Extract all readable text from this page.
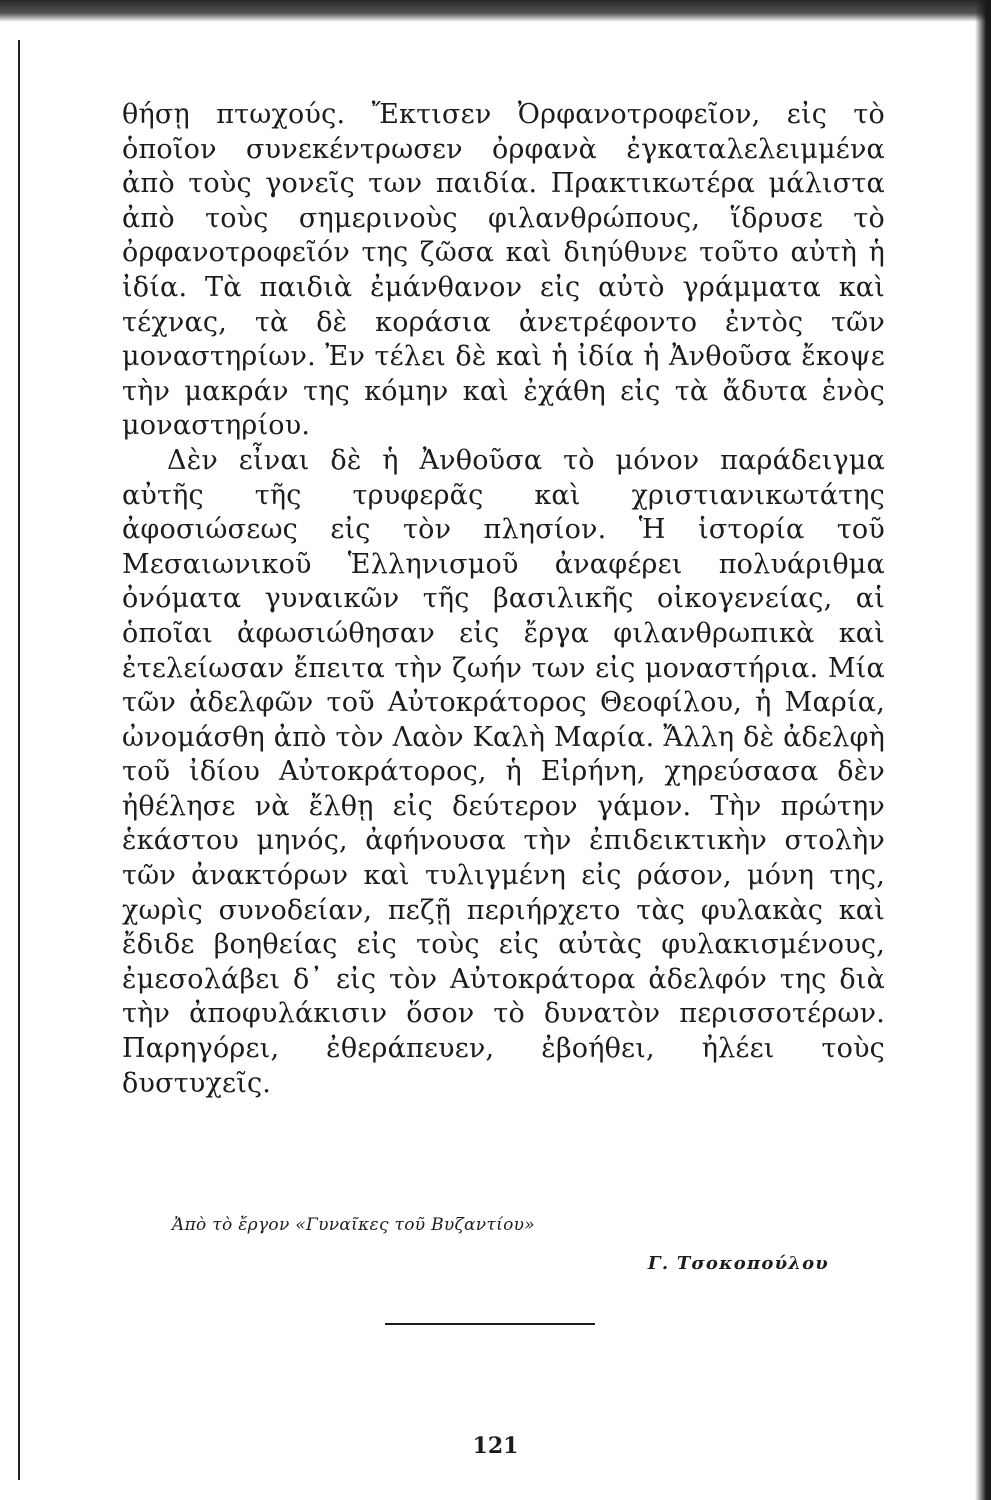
θήσῃ πτωχούς. Ἔκτισεν Ὀρφανοτροφεῖον, εἰς τὸ ὁποῖον συνεκέντρωσεν ὀρφανὰ ἐγκαταλελειμμένα ἀπὸ τοὺς γονεῖς των παιδία. Πρακτικωτέρα μάλιστα ἀπὸ τοὺς σημερινοὺς φιλανθρώπους, ἵδρυσε τὸ ὀρφανοτροφεῖόν της ζῶσα καὶ διηύθυνε τοῦτο αὐτὴ ἡ ἰδία. Τὰ παιδιὰ ἐμάνθανον εἰς αὐτὸ γράμματα καὶ τέχνας, τὰ δὲ κοράσια ἀνετρέφοντο ἐντὸς τῶν μοναστηρίων. Ἐν τέλει δὲ καὶ ἡ ἰδία ἡ Ἀνθοῦσα ἔκοψε τὴν μακράν της κόμην καὶ ἐχάθη εἰς τὰ ἄδυτα ἑνὸς μοναστηρίου.

Δὲν εἶναι δὲ ἡ Ἀνθοῦσα τὸ μόνον παράδειγμα αὐτῆς τῆς τρυφερᾶς καὶ χριστιανικωτάτης ἀφοσιώσεως εἰς τὸν πλησίον. Ἡ ἱστορία τοῦ Μεσαιωνικοῦ Ἑλληνισμοῦ ἀναφέρει πολυάριθμα ὀνόματα γυναικῶν τῆς βασιλικῆς οἰκογενείας, αἱ ὁποῖαι ἀφωσιώθησαν εἰς ἔργα φιλανθρωπικὰ καὶ ἐτελείωσαν ἔπειτα τὴν ζωήν των εἰς μοναστήρια. Μία τῶν ἀδελφῶν τοῦ Αὐτοκράτορος Θεοφίλου, ἡ Μαρία, ὠνομάσθη ἀπὸ τὸν Λαὸν Καλὴ Μαρία. Ἄλλη δὲ ἀδελφὴ τοῦ ἰδίου Αὐτοκράτορος, ἡ Εἰρήνη, χηρεύσασα δὲν ἠθέλησε νὰ ἔλθῃ εἰς δεύτερον γάμον. Τὴν πρώτην ἑκάστου μηνός, ἀφήνουσα τὴν ἐπιδεικτικὴν στολὴν τῶν ἀνακτόρων καὶ τυλιγμένη εἰς ράσον, μόνη της, χωρὶς συνοδείαν, πεζῇ περιήρχετο τὰς φυλακὰς καὶ ἔδιδε βοηθείας εἰς τοὺς εἰς αὐτὰς φυλακισμένους, ἐμεσολάβει δ᾽ εἰς τὸν Αὐτοκράτορα ἀδελφόν της διὰ τὴν ἀποφυλάκισιν ὅσον τὸ δυνατὸν περισσοτέρων. Παρηγόρει, ἐθεράπευεν, ἐβοήθει, ἠλέει τοὺς δυστυχεῖς.

Ἀπὸ τὸ ἔργον «Γυναῖκες τοῦ Βυζαντίου»
Γ. Τσοκοπούλου
121
